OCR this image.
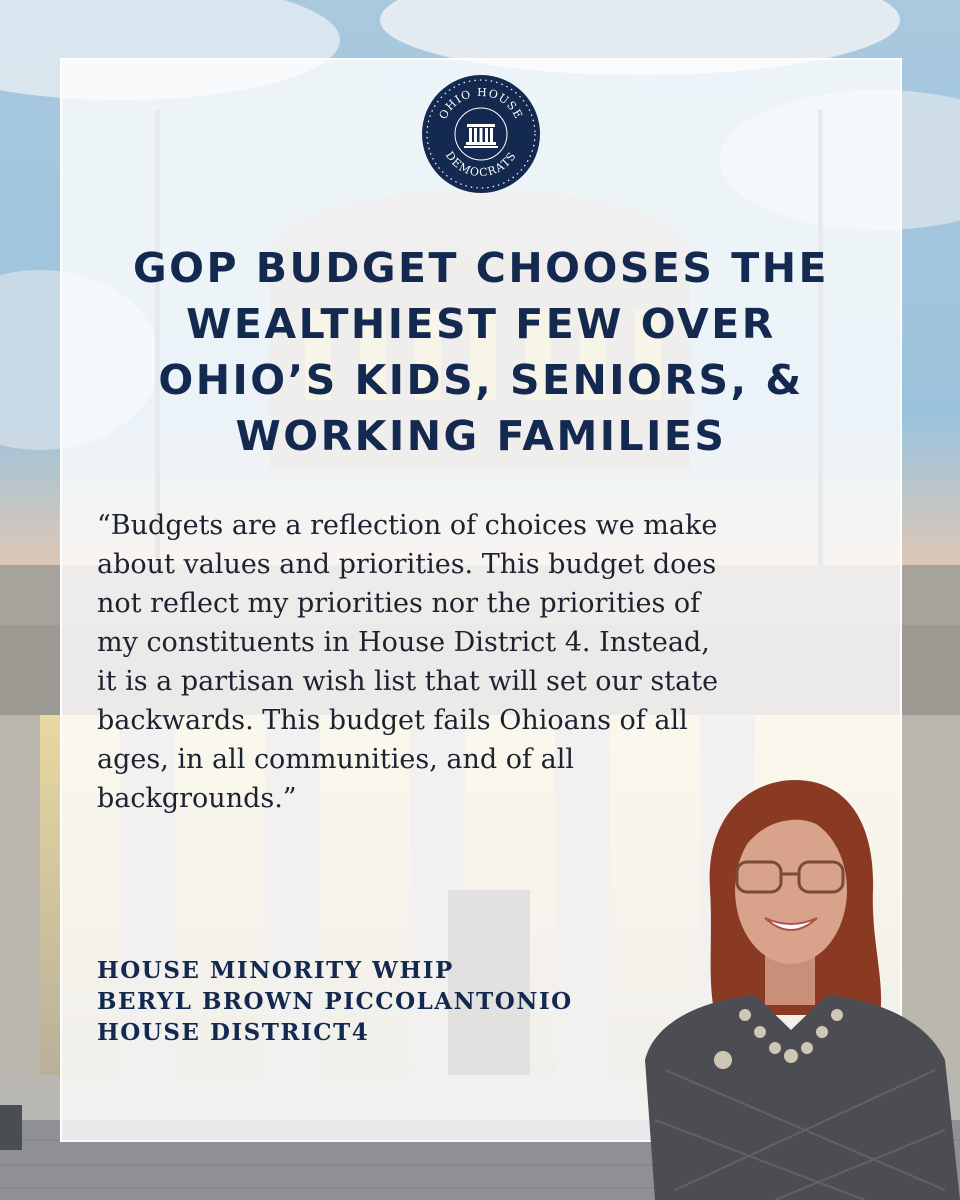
OHIO HOUSE
DEMOCRATS
GOP BUDGET CHOOSES THE
WEALTHIEST FEW OVER
OHIO’S KIDS, SENIORS, &
WORKING FAMILIES

“Budgets are a reflection of choices we make
about values and priorities. This budget does
not reflect my priorities nor the priorities of
my constituents in House District 4. Instead,
it is a partisan wish list that will set our state
backwards. This budget fails Ohioans of all
ages, in all communities, and of all
backgrounds.”

HOUSE MINORITY WHIP
BERYL BROWN PICCOLANTONIO
HOUSE DISTRICT4
